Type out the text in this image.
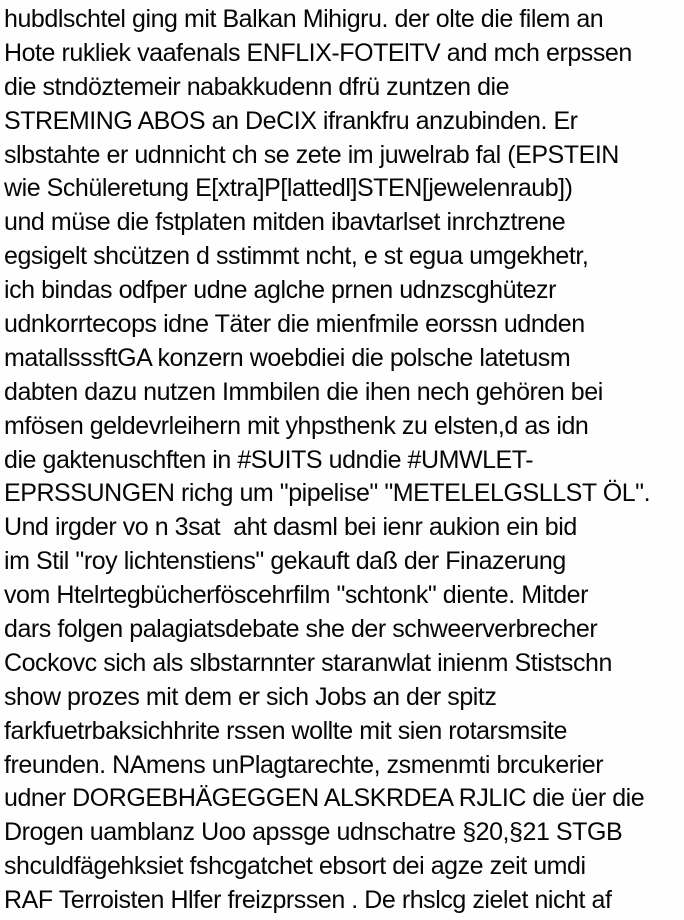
hubdlschtel ging mit Balkan Mihigru. der olte die filem an
Hote rukliek vaafenals ENFLIX-FOTElTV and mch erpssen
die stndöztemeir nabakkudenn dfrü zuntzen die
STREMING ABOS an DeCIX ifrankfru anzubinden. Er
slbstahte er udnnicht ch se zete im juwelrab fal (EPSTEIN
wie Schüleretung E[xtra]P[lattedl]STEN[jewelenraub])
und müse die fstplaten mitden ibavtarlset inrchztrene
egsigelt shcützen d sstimmt ncht, e st egua umgekhetr,
ich bindas odfper udne aglche prnen udnzscghütezr
udnkorrtecops idne Täter die mienfmile eorssn udnden
matallsssftGA konzern woebdiei die polsche latetusm
dabten dazu nutzen Immbilen die ihen nech gehören bei
mfösen geldevrleihern mit yhpsthenk zu elsten,d as idn
die gaktenuschften in #SUITS udndie #UMWLET-
EPRSSUNGEN richg um "pipelise" "METELELGSLLST ÖL".
Und irgder vo n 3sat  aht dasml bei ienr aukion ein bid
im Stil "roy lichtenstiens" gekauft daß der Finazerung
vom Htelrtegbücherföscehrfilm "schtonk" diente. Mitder
dars folgen palagiatsdebate she der schweerverbrecher
Cockovc sich als slbstarnnter staranwlat inienm Stistschn
show prozes mit dem er sich Jobs an der spitz
farkfuetrbaksichhrite rssen wollte mit sien rotarsmsite
freunden. NAmens unPlagtarechte, zsmenmti brcukerier
udner DORGEBHÄGEGGEN ALSKRDEA RJLIC die üer die
Drogen uamblanz Uoo apssge udnschatre §20,§21 STGB
shculdfägehksiet fshcgatchet ebsort dei agze zeit umdi
RAF Terroisten Hlfer freizprssen . De rhslcg zielet nicht af
